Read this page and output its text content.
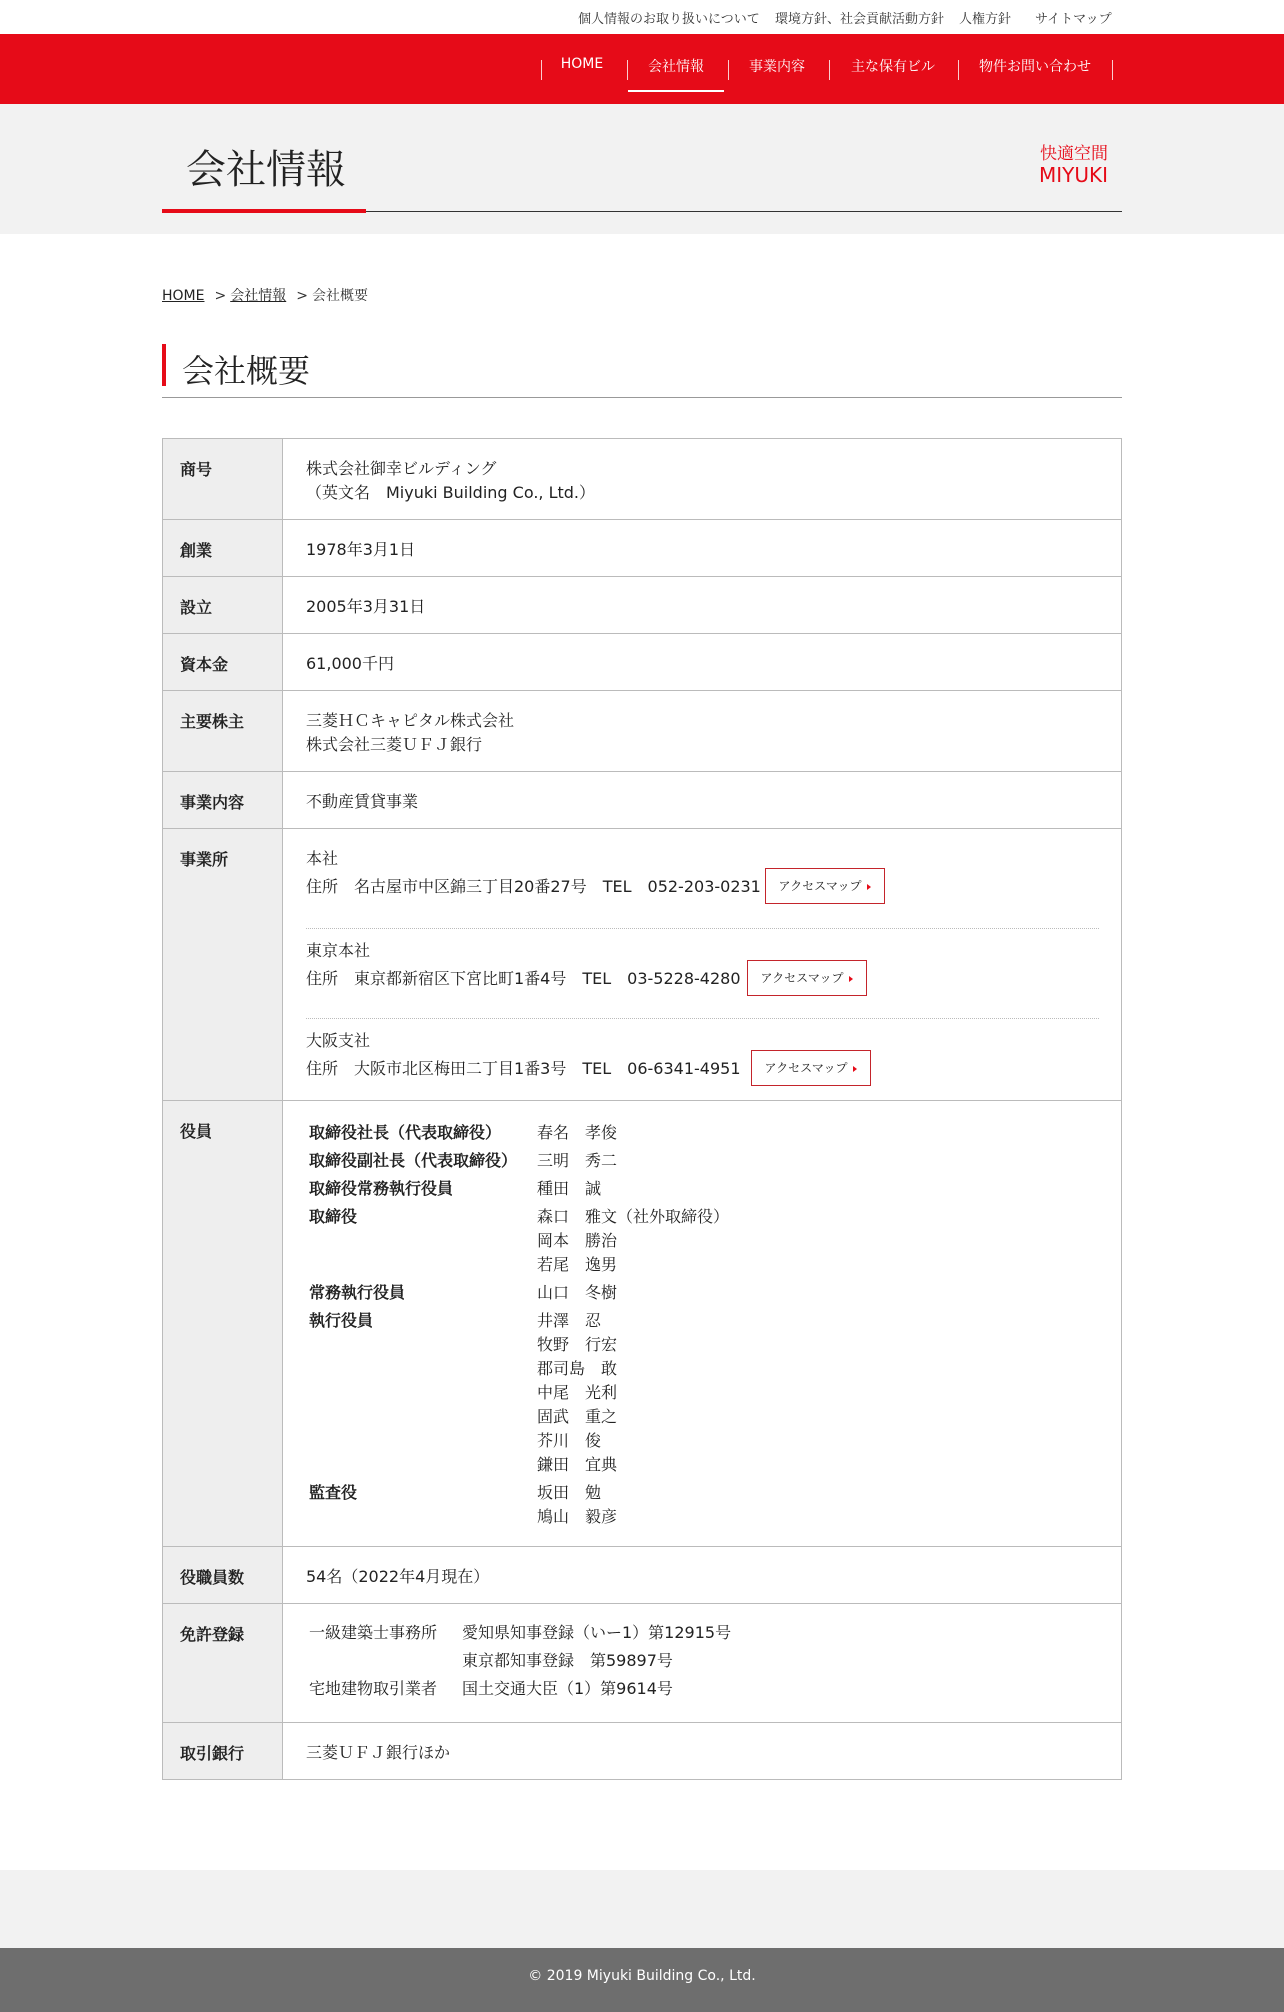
個人情報のお取り扱いについて 環境方針、社会貢献活動方針 人権方針 サイトマップ
HOME	会社情報	事業内容	主な保有ビル	物件お問い合わせ
会社情報	快適空間
MIYUKI
HOME > 会社情報 > 会社概要
会社概要
商号	株式会社御幸ビルディング
（英文名　Miyuki Building Co., Ltd.）

創業	1978年3月1日

設立	2005年3月31日

資本金	61,000千円

主要株主	三菱ＨＣキャピタル株式会社
株式会社三菱ＵＦＪ銀行

事業内容	不動産賃貸事業

事業所	本社
住所　名古屋市中区錦三丁目20番27号　TEL　052-203-0231	アクセスマップ
東京本社
住所　東京都新宿区下宮比町1番4号　TEL　03-5228-4280	アクセスマップ
大阪支社
住所　大阪市北区梅田二丁目1番3号　TEL　06-6341-4951	アクセスマップ

役員		取締役社長（代表取締役）	春名　孝俊

取締役副社長（代表取締役）	三明　秀二

取締役常務執行役員	種田　誠

取締役	森口　雅文（社外取締役）
岡本　勝治
若尾　逸男

常務執行役員	山口　冬樹

執行役員	井澤　忍
牧野　行宏
郡司島　敢
中尾　光利
固武　重之
芥川　俊
鎌田　宜典

監査役	坂田　勉
鳩山　毅彦

役職員数	54名（2022年4月現在）

免許登録		一級建築士事務所	愛知県知事登録（いー1）第12915号
	東京都知事登録　第59897号
宅地建物取引業者	国土交通大臣（1）第9614号

取引銀行	三菱ＵＦＪ銀行ほか

© 2019 Miyuki Building Co., Ltd.
